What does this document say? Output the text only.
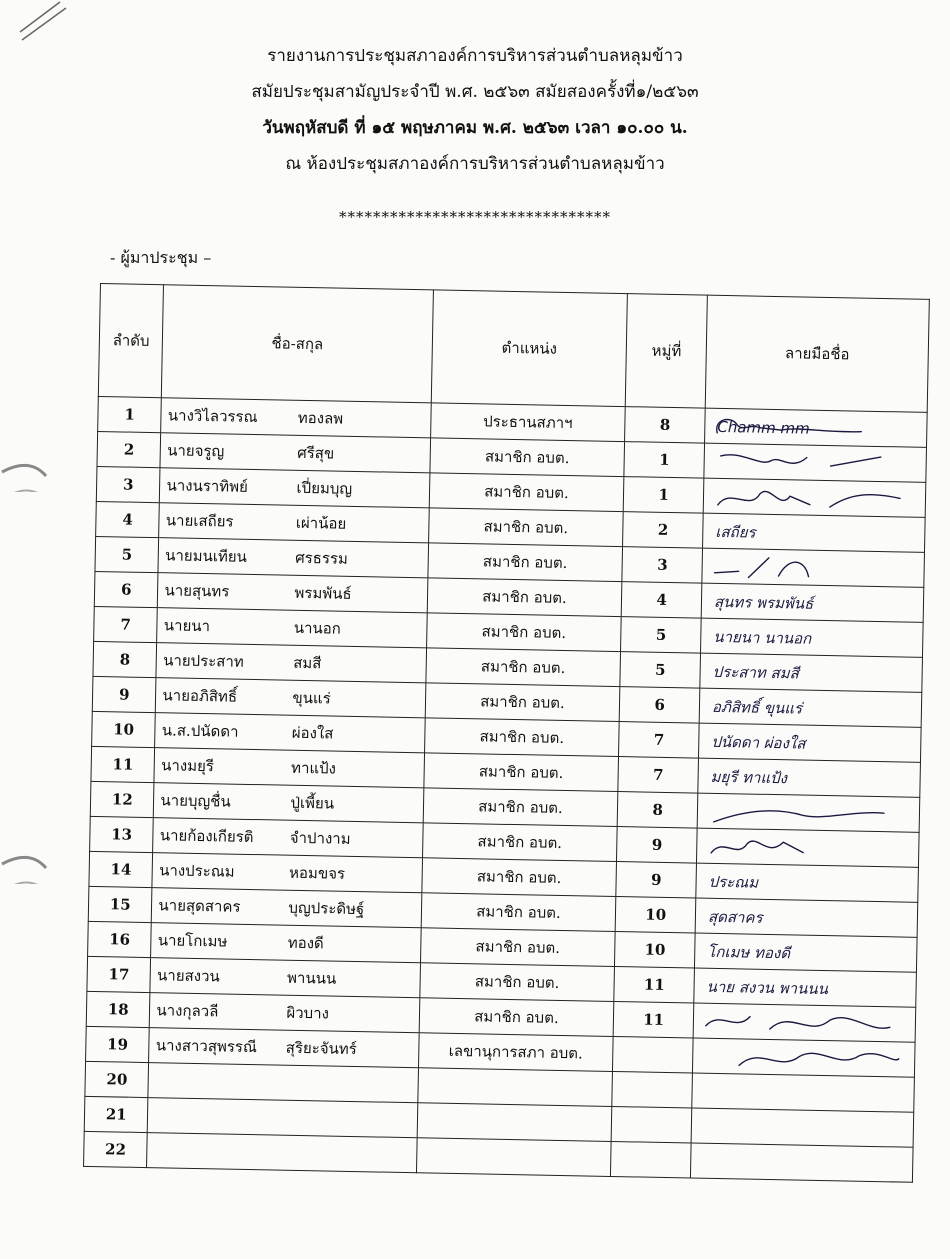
รายงานการประชุมสภาองค์การบริหารส่วนตำบลหลุมข้าว
สมัยประชุมสามัญประจำปี พ.ศ. ๒๕๖๓ สมัยสองครั้งที่๑/๒๕๖๓
วันพฤหัสบดี ที่ ๑๕ พฤษภาคม พ.ศ. ๒๕๖๓ เวลา ๑๐.๐๐ น.
ณ ห้องประชุมสภาองค์การบริหารส่วนตำบลหลุมข้าว
********************************
- ผู้มาประชุม –
ลำดับ	ชื่อ-สกุล	ตำแหน่ง	หมู่ที่	ลายมือชื่อ
1	นางวิไลวรรณ ทองลพ	ประธานสภาฯ	8	Chamm mm

2	นายจรูญ ศรีสุข	สมาชิก อบต.	1	

3	นางนราทิพย์ เปี่ยมบุญ	สมาชิก อบต.	1	

4	นายเสถียร เผ่าน้อย	สมาชิก อบต.	2	เสถียร

5	นายมนเทียน ศรธรรม	สมาชิก อบต.	3	

6	นายสุนทร พรมพันธ์	สมาชิก อบต.	4	สุนทร พรมพันธ์

7	นายนา นานอก	สมาชิก อบต.	5	นายนา นานอก

8	นายประสาท สมสี	สมาชิก อบต.	5	ประสาท สมสี

9	นายอภิสิทธิ์ ขุนแร่	สมาชิก อบต.	6	อภิสิทธิ์ ขุนแร่

10	น.ส.ปนัดดา ผ่องใส	สมาชิก อบต.	7	ปนัดดา ผ่องใส

11	นางมยุรี ทาแป้ง	สมาชิก อบต.	7	มยุรี ทาแป้ง

12	นายบุญชื่น ปู่เพี้ยน	สมาชิก อบต.	8	

13	นายก้องเกียรติ จำปางาม	สมาชิก อบต.	9	

14	นางประณม หอมขจร	สมาชิก อบต.	9	ประณม

15	นายสุดสาคร บุญประดิษฐ์	สมาชิก อบต.	10	สุดสาคร

16	นายโกเมษ ทองดี	สมาชิก อบต.	10	โกเมษ ทองดี

17	นายสงวน พานนน	สมาชิก อบต.	11	นาย สงวน พานนน

18	นางกุลวลี ผิวบาง	สมาชิก อบต.	11	

19	นางสาวสุพรรณี สุริยะจันทร์	เลขานุการสภา อบต.		

20				

21				

22				
